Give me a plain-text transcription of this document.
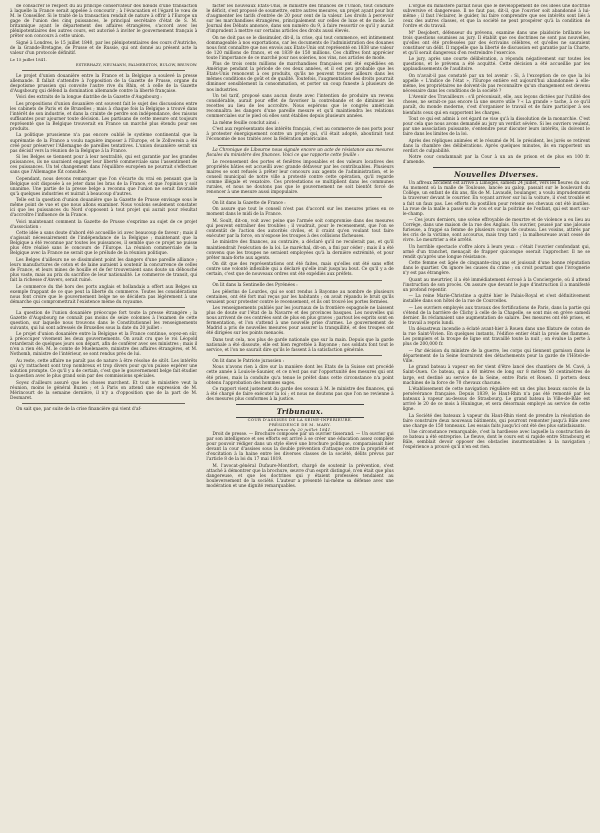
de consacrer le respect dû au principe conservateur des nœuds d'une transaction à laquelle la France serait appelée à concourir ; à l'évacuation et l'égard le vœu de M. le Conseiller. Si le traité de la transaction rendait de nature à offrir à l'Europe un gage de l'union des cinq puissances, le principal secrétaire d'état de S. M. britannique ayant le département des affaires étrangères, s'accord avec les plénipotentiaires des autres cours, est autorisé à inviter le gouvernement français à prêter son concours à cette union.

Signé à Londres, le 15 juillet 1840, par les plénipotentiaires des cours d'Autriche, de la Grande-Bretagne, de Prusse et de Russie, qui ont donné au présent acte la valeur d'un protocole définitif.

Le 15 juillet 1841.
ESTERHAZY, NEUMANN, PALMERSTON, BULOW, BRUNOW.

Le projet d'union douanière entre la France et la Belgique a soulevé la presse allemande. Il fallait s'attendre à l'opposition de la Gazette de Prusse, organe du despotisme prussien qui convoite l'autre rive du Rhin, et à celle de la Gazette d'Augsbourg qui défend la domination allemande contre la liberté française.

Voici des extraits de la longue diatribe de la Gazette d'Augsbourg :

Les propositions d'union douanière ont souvent fait le sujet des discussions entre les cabinets de Paris et de Bruxelles ; mais à chaque fois la Belgique a trouvé dans l'intérêt de son industrie, et dans la crainte de perdre son indépendance, des raisons suffisantes pour ajourner toute décision. Les partisans de cette mesure ont toujours représenté que la Belgique trouverait en France un marché plus étendu pour ses produits.

La politique prussienne n'a pas encore oublié le système continental que la suprématie de la France a voulu naguère imposer à l'Europe, et le Zollverein a été créé pour préserver l'Allemagne de pareilles tentatives. L'union douanière serait un pas décisif vers la réunion de la Belgique à la France.

Si les Belges se tiennent pour à leur neutralité, qui est garantie par les grandes puissances, ils ne sauraient engager leur liberté commerciale sans l'assentiment de ces puissances. Un tel changement dans l'équilibre européen ne pourrait s'effectuer sans que l'Allemagne fût consultée.

Cependant, nous devons remarquer que l'on s'écarte du vrai en pensant que la Belgique soit disposée à se jeter dans les bras de la France, et que l'opinion y soit unanime. Une partie de la presse belge a reconnu que l'union ne serait favorable qu'à quelques industries et nuirait à beaucoup d'autres.

Telle est la question d'union douanière que la Gazette de Prusse envisage sous le même point de vue et que nous allons examiner. Nous voulons seulement constater ici que les puissances du Nord s'opposent à tout projet qui aurait pour résultat d'accroître l'influence de la France.

Voici maintenant comment la Gazette de Prusse s'exprime au sujet de ce projet d'association :

Cette idée a sans doute d'abord été accueillie ici avec beaucoup de faveur ; mais il s'agissait nécessairement de l'indépendance de la Belgique ; maintenant que la Belgique a été reconnue par toutes les puissances, il semble que ce projet ne puisse plus être réalisé sans le concours de l'Europe. La réunion commerciale de la Belgique avec la France ne serait que le prélude de la réunion politique.

Les Belges d'ailleurs ne se dissimulent point les dangers d'une pareille alliance ; leurs manufactures de coton et de laine auraient à soutenir la concurrence de celles de France, et leurs mines de houille et de fer trouveraient sans doute un débouché plus vaste, mais au prix du sacrifice de leur nationalité. Le commerce de transit, qui fait la richesse d'Anvers, serait ruiné.

Le commerce du thé hors des ports anglais et hollandais a offert aux Belges un exemple frappant de ce que peut la liberté du commerce. Toutes les considérations nous font croire que le gouvernement belge ne se décidera pas légèrement à une démarche qui compromettrait l'existence même du royaume.

La question de l'union douanière préoccupe fort toute la presse étrangère ; la Gazette d'Augsbourg ne connaît pas moins de seize colonnes à l'examen de cette question, sur laquelle nous trouvons dans le Constitutionnel les renseignements suivants, qui lui sont adressés de Bruxelles sous la date du 20 juillet :

Le projet d'union douanière entre la Belgique et la France continue, soyez-en sûr, à préoccuper vivement les deux gouvernements. On avait cru que le roi Léopold retarderait de quelques jours son départ, afin de conférer avec ses ministres ; mais il n'en a rien été. M. le comte de Muelenaere, ministre des affaires étrangères, et M. Nothomb, ministre de l'intérieur, se sont rendus près de lui.

Au reste, cette affaire ne paraît pas de nature à être résolue de sitôt. Les intérêts qui s'y rattachent sont trop nombreux et trop divers pour qu'on puisse espérer une solution prompte. Ce qu'il y a de certain, c'est que le gouvernement belge fait étudier la question avec le plus grand soin par des commissions spéciales.

Soyez d'ailleurs assuré que les choses marchent. Et tout le ministère veut la réunion, moins le général Buzen ; et à Paris on attend une expression de M. Mérincourt de la semaine dernière, il n'y a d'opposition que de la part de M. Desmaret.

On sait que, par suite de la crise financière qui vient d'af-

facter les nouveaux Etats-Unis, le ministre des finances de l'Union, tout conduire le déficit, s'est proposé de soumettre, entre autres mesures, un projet ayant pour but d'augmenter les tarifs d'entrée de 20 pour cent de la valeur. Les droits à percevoir sur les marchandises étrangères, principalement sur celles de luxe et de mode. Le Journal des Débats annonce, dans son numéro du 9, à faire ressortir ce qu'il y aurait d'imprudent à mettre sur certains articles des droits aussi élevés.

On ne doit pas se le dissimuler, dit-il, la crise, qui tout commence, est intimement dommageable à nos exportations, car les documents de l'administration des douanes nous font connaître que nos envois aux Etats-Unis ont représenté en 1838 une valeur de 120 millions de francs, et en 1839 de 150 millions. Ces chiffres font apprécier toute l'importance de ce marché pour nos soieries, nos vins, nos articles de mode.

Plus de trois cents millions de marchandises françaises ont été expédiées en Amérique pendant la période de ces deux années, et il est peu probable que les Etats-Unis renoncent à ces produits, qu'ils ne peuvent trouver ailleurs dans les mêmes conditions de goût et de qualité. Toutefois, l'augmentation des droits pourrait diminuer sensiblement la consommation, et porter un coup funeste à plusieurs de nos industries.

Un tel tarif, proposé sans aucun doute avec l'intention de produire un revenu considérable, aurait pour effet de favoriser la contrebande et de diminuer les recettes au lieu de les accroître. Nous espérons que le congrès américain reconnaîtra les dangers d'une pareille mesure et qu'il maintiendra les relations commerciales sur le pied où elles sont établies depuis plusieurs années.

La même feuille conclut ainsi :

C'est aux représentants des intérêts français, c'est au commerce de nos ports pour à protester énergiquement contre un projet qui, s'il était adopté, aboutirait tout l'économie de nos traités avec la fédération américaine.

La Chronique de Libourne nous signale encore un acte de résistance aux mesures fiscales du ministère des finances. Voici ce que rapporte cette feuille :

Le recensement des portes et fenêtres imposables et des valeurs locatives des propriétés bâties est accueilli avec grande défaveur par les contribuables. Plusieurs maires se sont refusés à prêter leur concours aux agents de l'administration, et le conseil municipal de notre ville a protesté contre cette opération, qu'il regarde comme illégale et vexatoire. Ces protestations se multiplient dans les communes rurales, et nous ne doutons pas que le gouvernement ne soit bientôt forcé de renoncer à une mesure aussi impopulaire.

On lit dans la Gazette de France :

On assure que tout le conseil n'est pas d'accord sur les mesures prises en ce moment dans le midi de la France.

M. Soult, dit-on, voit avec peine que l'armée soit compromise dans des mesures qui peuvent entraîner des troubles ; il voudrait, pour le recensement, que l'on se contentât de l'action des autorités civiles, et il craint qu'en voulant tout faire exécuter par la force, on n'expose les troupes à des collisions fâcheuses.

Le ministre des finances, au contraire, a déclaré qu'il ne reculerait pas, et qu'il maintiendrait l'exécution de la loi. Le maréchal, dit-on, a fini par céder ; mais il a été convenu que les troupes ne seraient employées qu'à la dernière extrémité, et pour prêter main-forte aux agents.

On dit que des représentations ont été faites, mais qu'elles ont été sans effet contre une volonté inflexible qui a déclaré qu'elle irait jusqu'au bout. Ce qu'il y a de certain, c'est que de nouveaux ordres ont été expédiés aux préfets.

On lit dans la Sentinelle des Pyrénées :

Les pèlerins de Lourdes, qui se sont rendus à Bayonne au nombre de plusieurs centaines, ont été fort mal reçus par les habitants ; on avait répandu le bruit qu'ils venaient pour protester contre le recensement, et ils ont trouvé les portes fermées.

Les renseignements publiés par les journaux de la frontière espagnole ne laissent plus de doute sur l'état de la Navarre et des provinces basques. Les nouvelles qui nous arrivent de ces contrées sont de plus en plus graves ; partout les esprits sont en fermentation, et l'on s'attend à une nouvelle prise d'armes. Le gouvernement de Madrid a pris de nouvelles mesures pour assurer la tranquillité, et des troupes ont été dirigées sur les points menacés.

Dans tout cela, nos plus de garde nationale que sur la main. Depuis que la garde nationale a été dissoute, elle est bien regrettée à Bayonne ; nos soldats font tout le service, et l'on ne saurait dire qu'ils le fassent à la satisfaction générale.

On lit dans le Patriote jurassien :

Nous n'avons rien à dire sur la manière dont les Etats de la Suisse ont procédé cette année à Louis-le-Saunier, et ce n'est pas sur l'opportunité des mesures qui ont été prises, mais la conduite qu'a tenue le préfet dans cette circonstance n'a point obtenu l'approbation des hommes sages.

Ce rapport vient justement du garde des sceaux à M. le ministre des finances, qui à été chargé de faire exécuter la loi ; et nous ne doutons pas que l'on ne revienne à des mesures plus conformes à la justice.

Tribunaux.
COUR D'ASSISES DE LA SEINE-INFÉRIEURE.
PRÉSIDENCE DE M. MARY.
Audience du 20 juillet 1841.

Droit de presse. — Brochure composée par un ouvrier tisserand. — Un ouvrier qui par son intelligence et ses efforts est arrivé à se créer une éducation assez complète pour pouvoir rédiger dans un style élevé une brochure politique, comparaissait hier devant la cour d'assises sous la double prévention d'attaque contre la propriété et d'excitation à la haine entre les diverses classes de la société, délits prévus par l'article 8 de la loi du 17 mai 1819.

M. l'avocat-général Dufaure-Montfort, chargé de soutenir la prévention, s'est attaché à démontrer que la brochure, œuvre d'un esprit distingué, n'en était que plus dangereuse, et que les doctrines qui y étaient professées tendaient au bouleversement de la société. L'auteur a présenté lui-même sa défense avec une modération et une dignité remarquables.

L'orgue du ministère parlait nous que le développement de ces idées une doctrine subversive et dangereuse. Il ne faut pas, dit-il, que l'ouvrier soit abandonné à lui-même ; il faut l'éclairer, le guider, lui faire comprendre que ses intérêts sont liés à ceux des autres classes, et que la société ne peut prospérer qu'à la condition de l'ordre et du travail.

M° Desjobert, défenseur du prévenu, examine dans une plaidoirie brillante les trois questions soumises au jury. Il établit que ces doctrines ne sont pas nouvelles, qu'elles ont été professées par des écrivains célèbres, et qu'elles ne sauraient constituer un délit. Il rappelle que la liberté de discussion est garantie par la Charte, et qu'il serait dangereux d'en restreindre l'exercice.

Le jury, après une courte délibération, a répondu négativement sur toutes les questions, et le prévenu a été acquitté. Cette décision a été accueillie par les applaudissements de l'auditoire.

On n'avait-il pas constaté par un tel avenir : Si, à l'exception de ce que la loi appelle « L'indice de l'état », l'Europe entière est aujourd'hui abandonnée à elle-même, les propriétaires ne doivent-ils pas reconnaître qu'un changement est devenu nécessaire dans les conditions de la société ?

L'Avenir des Travailleurs : s'il préconisait, elle, aux leçons dictées par l'utilité des choses, ne serait-ce pas encore là une œuvre utile ? « La grande » tache, à ce qu'il paraît, du monde moderne, c'est d'organiser le travail et de faire participer à ses bienfaits ceux qui en supportent les charges.

Tout ce qui est admis à cet égard ne vise qu'à la dissolution de la monarchie. C'est pour cela que nous avons demandé au jury un verdict sévère. Si les ouvriers veulent, par une association puissante, s'entendre pour discuter leurs intérêts, ils doivent le faire dans les limites de la loi.

Après des répliques animées et le résumé de M. le président, les jurés se retirent dans la chambre des délibérations. Après quelques minutes, ils en rapportent un verdict de culpabilité.

Notre cour condamnait par la Cour à un an de prison et de plus en 100 fr. d'amende.

Nouvelles Diverses.

Un affreux accident est arrivé à Limoges, samedi 24 juillet, vers les heures du soir. Au moment où la malle de Toulouse, lancée au galop, passait sur le boulevard du Collège, un enfant de dix ans, fils de M. Lavaudé, boulanger, a voulu imprudemment la traverser devant le courrier. En voyant arriver sur lui la voiture, il s'est troublé et a fait un faux pas. Les efforts du postillon pour retenir ses chevaux ont été inutiles. La roue de la malle a passé sur le cou et sur la poitrine de l'enfant, qui est mort sur-le-champ.

— Ces jours derniers, une scène effroyable de meurtre et de violence a eu lieu au Corrège, dans une maison de la rue des Anglais. Un ouvrier, poussé par une jalousie furieuse, a frappé sa femme de plusieurs coups de couteau. Les voisins, attirés par les cris de la victime, sont accourus, mais trop tard ; la malheureuse avait cessé de vivre. Le meurtrier a été arrêté.

Un horrible spectacle s'offre alors à leurs yeux : c'était l'ouvrier confondant qui, armé d'un tranchet, menaçait de frapper quiconque oserait l'approcher. Il ne se rendit qu'après une longue résistance.

Cette femme est âgée de cinquante-cinq ans et jouissait d'une bonne réputation dans le quartier. On ignore les causes du crime ; on croit pourtant que l'ivrognerie n'y est pas étrangère.

Quant au meurtrier, il a été immédiatement écroué à la Conciergerie, où il attend l'instruction de son procès. On assure que devant le juge d'instruction il a manifesté un profond repentir.

— La reine Marie-Christine a quitté hier le Palais-Royal et s'est définitivement installée dans son hôtel de la rue de Courcelles.

— Les ouvriers employés aux travaux des fortifications de Paris, dans la partie qui s'étend de la barrière de Clichy à celle de la Chapelle, se sont mis en grève samedi dernier. Ils réclamaient une augmentation de salaire. Des mesures ont été prises, et le travail a repris lundi.

Un désastreux incendie a éclaté avant-hier à Rouen dans une filature de coton de la rue Saint-Vivien. En quelques instants, l'édifice entier était la proie des flammes. Les pompiers et la troupe de ligne ont travaillé toute la nuit ; on évalue la perte à plus de 200,000 fr.

— Par décision du ministre de la guerre, les corps qui tiennent garnison dans le département de la Seine fourniront des détachements pour la garde de l'Hôtel-de-Ville.

Le grand bateau à vapeur en fer vient d'être lancé des chantiers de M. Cavé, à Saint-Ouen. Ce bateau, qui a 60 mètres de long sur 8 mètres 50 centimètres de large, est destiné au service de la Seine, entre Paris et Rouen. Il portera deux machines de la force de 70 chevaux chacune.

L'établissement de cette navigation régulière est un des plus beaux succès de la persévérance française. Depuis 1839, le Haut-Rhin n'a pas été remonté par les bateaux à vapeur au-dessus de Strasbourg. Le grand bateau la Ville-de-Bâle est arrivé le 20 de ce mois à Huningue, et sera désormais employé au service de cette ligne.

La Société des bateaux à vapeur du Haut-Rhin vient de prendre la résolution de faire construire deux nouveaux bâtiments, qui pourront remonter jusqu'à Bâle avec une charge de 150 tonneaux. Les essais faits jusqu'ici ont été des plus satisfaisants.

Une circonstance remarquable, c'est la hardiesse avec laquelle la construction de ce bateau a été entreprise. Le fleuve, dont le cours est si rapide entre Strasbourg et Bâle, semblait devoir opposer des obstacles insurmontables à la navigation ; l'expérience a prouvé qu'il n'en est rien.
